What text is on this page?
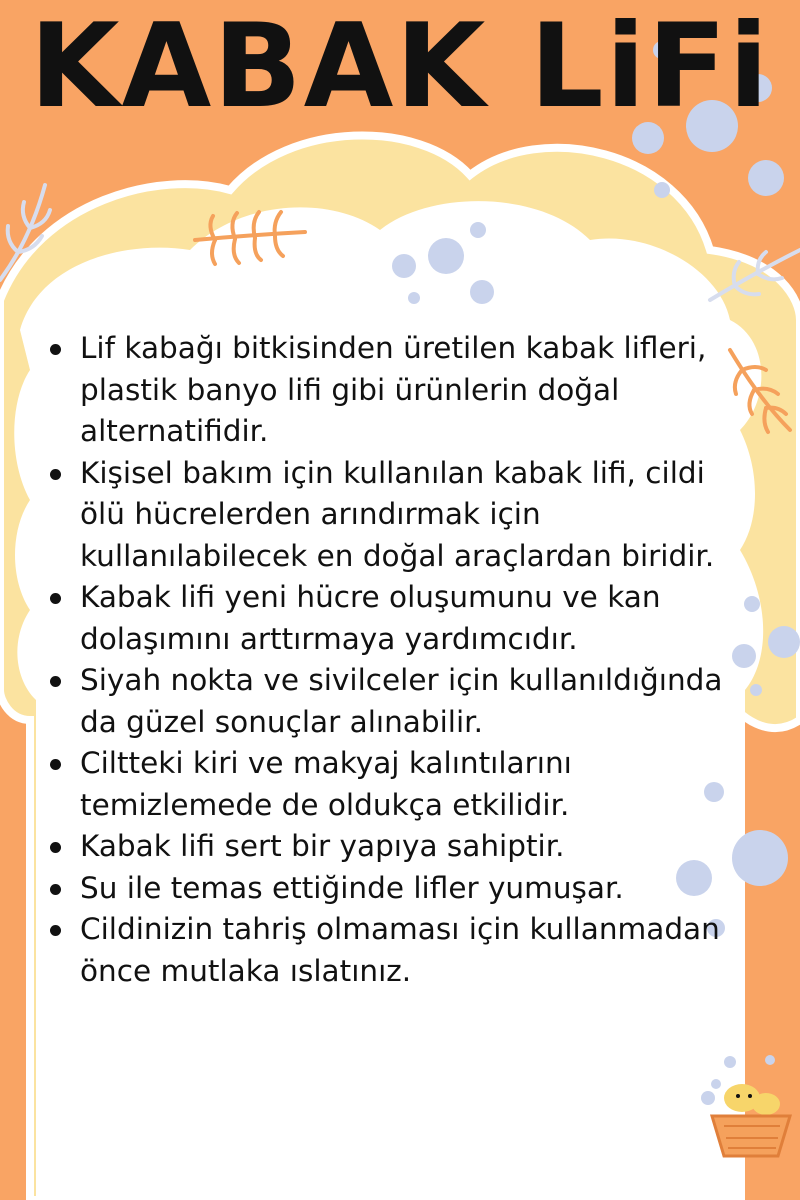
KABAK LiFi
Lif kabağı bitkisinden üretilen kabak lifleri, plastik banyo lifi gibi ürünlerin doğal alternatifidir.
Kişisel bakım için kullanılan kabak lifi, cildi ölü hücrelerden arındırmak için kullanılabilecek en doğal araçlardan biridir.
Kabak lifi yeni hücre oluşumunu ve kan dolaşımını arttırmaya yardımcıdır.
Siyah nokta ve sivilceler için kullanıldığında da güzel sonuçlar alınabilir.
Ciltteki kiri ve makyaj kalıntılarını temizlemede de oldukça etkilidir.
Kabak lifi sert bir yapıya sahiptir.
Su ile temas ettiğinde lifler yumuşar.
Cildinizin tahriş olmaması için kullanmadan önce mutlaka ıslatınız.
